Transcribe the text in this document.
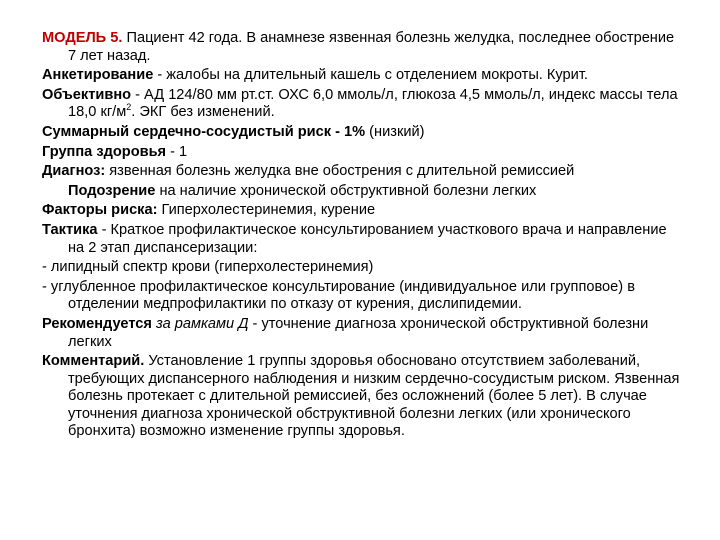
МОДЕЛЬ 5. Пациент 42 года. В анамнезе язвенная болезнь желудка, последнее обострение 7 лет назад.

Анкетирование - жалобы на длительный кашель с отделением мокроты. Курит.

Объективно - АД 124/80 мм рт.ст. ОХС 6,0 ммоль/л, глюкоза 4,5 ммоль/л, индекс массы тела 18,0 $кг/м^2$. ЭКГ без изменений.

Суммарный сердечно-сосудистый риск - 1% (низкий)

Группа здоровья - 1

Диагноз: язвенная болезнь желудка вне обострения с длительной ремиссией

Подозрение на наличие хронической обструктивной болезни легких

Факторы риска: Гиперхолестеринемия, курение

Тактика - Краткое профилактическое консультированием участкового врача и направление на 2 этап диспансеризации:

- липидный спектр крови (гиперхолестеринемия)

- углубленное профилактическое консультирование (индивидуальное или групповое) в отделении медпрофилактики по отказу от курения, дислипидемии.

Рекомендуется за рамками Д - уточнение диагноза хронической обструктивной болезни легких

Комментарий. Установление 1 группы здоровья обосновано отсутствием заболеваний, требующих диспансерного наблюдения и низким сердечно-сосудистым риском. Язвенная болезнь протекает с длительной ремиссией, без осложнений (более 5 лет). В случае уточнения диагноза хронической обструктивной болезни легких (или хронического бронхита) возможно изменение группы здоровья.
